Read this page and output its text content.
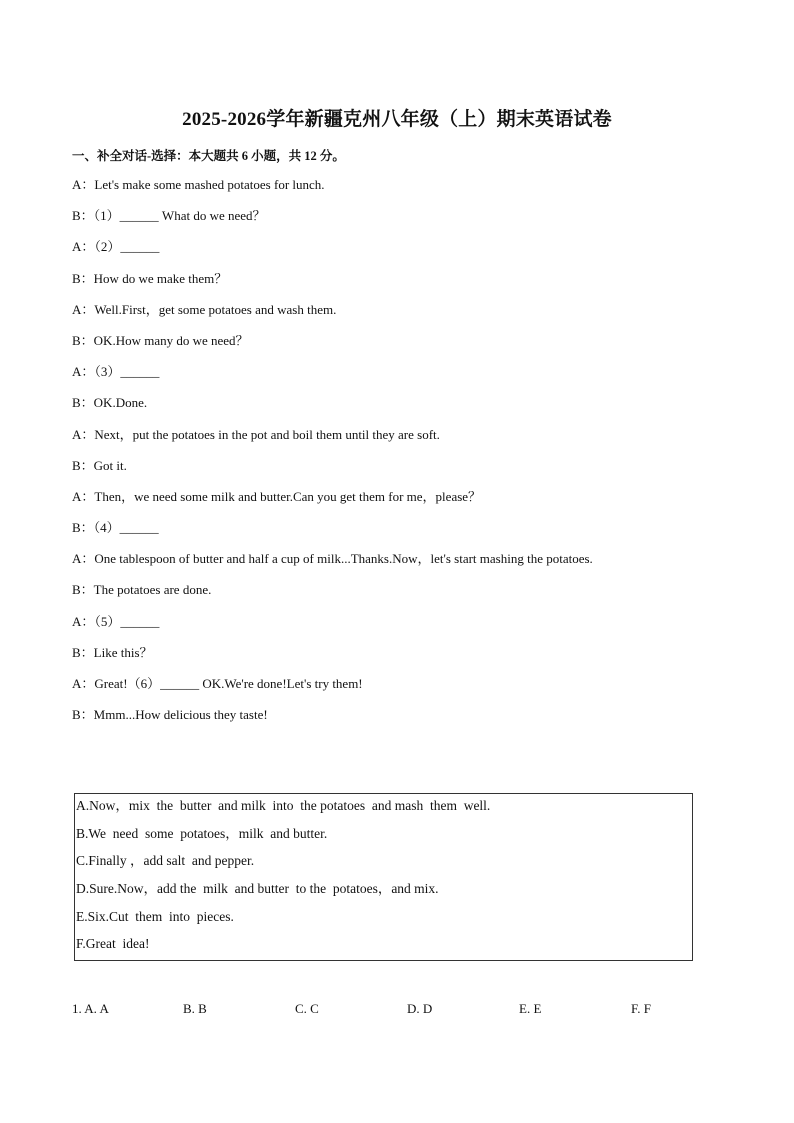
2025-2026学年新疆克州八年级（上）期末英语试卷
一、补全对话-选择：本大题共 6 小题，共 12 分。
A：Let's make some mashed potatoes for lunch.
B：（1）______ What do we need？
A：（2）______
B：How do we make them？
A：Well.First，get some potatoes and wash them.
B：OK.How many do we need？
A：（3）______
B：OK.Done.
A：Next，put the potatoes in the pot and boil them until they are soft.
B：Got it.
A：Then，we need some milk and butter.Can you get them for me，please？
B：（4）______
A：One tablespoon of butter and half a cup of milk...Thanks.Now，let's start mashing the potatoes.
B：The potatoes are done.
A：（5）______
B：Like this？
A：Great!（6）______ OK.We're done!Let's try them!
B：Mmm...How delicious they taste!
A.Now，mix  the  butter  and milk  into  the potatoes  and mash  them  well.
B.We  need  some  potatoes，milk  and butter.
C.Finally ，add salt  and pepper.
D.Sure.Now，add the  milk  and butter  to the  potatoes，and mix.
E.Six.Cut  them  into  pieces.
F.Great  idea!
1. A. A	B. B	C. C	D. D	E. E	F. F
